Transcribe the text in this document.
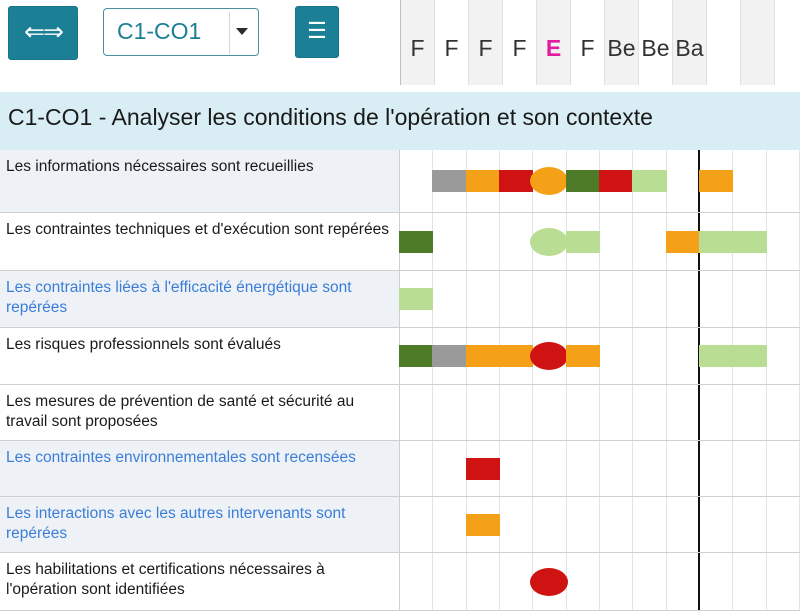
⇐⇒	C1-CO1	☰
F F F F E F Be Be Ba
C1-CO1 - Analyser les conditions de l'opération et son contexte
Les informations nécessaires sont recueillies
Les contraintes techniques et d'exécution sont repérées
Les contraintes liées à l'efficacité énergétique sont repérées
Les risques professionnels sont évalués
Les mesures de prévention de santé et sécurité au travail sont proposées
Les contraintes environnementales sont recensées
Les interactions avec les autres intervenants sont repérées
Les habilitations et certifications nécessaires à l'opération sont identifiées
